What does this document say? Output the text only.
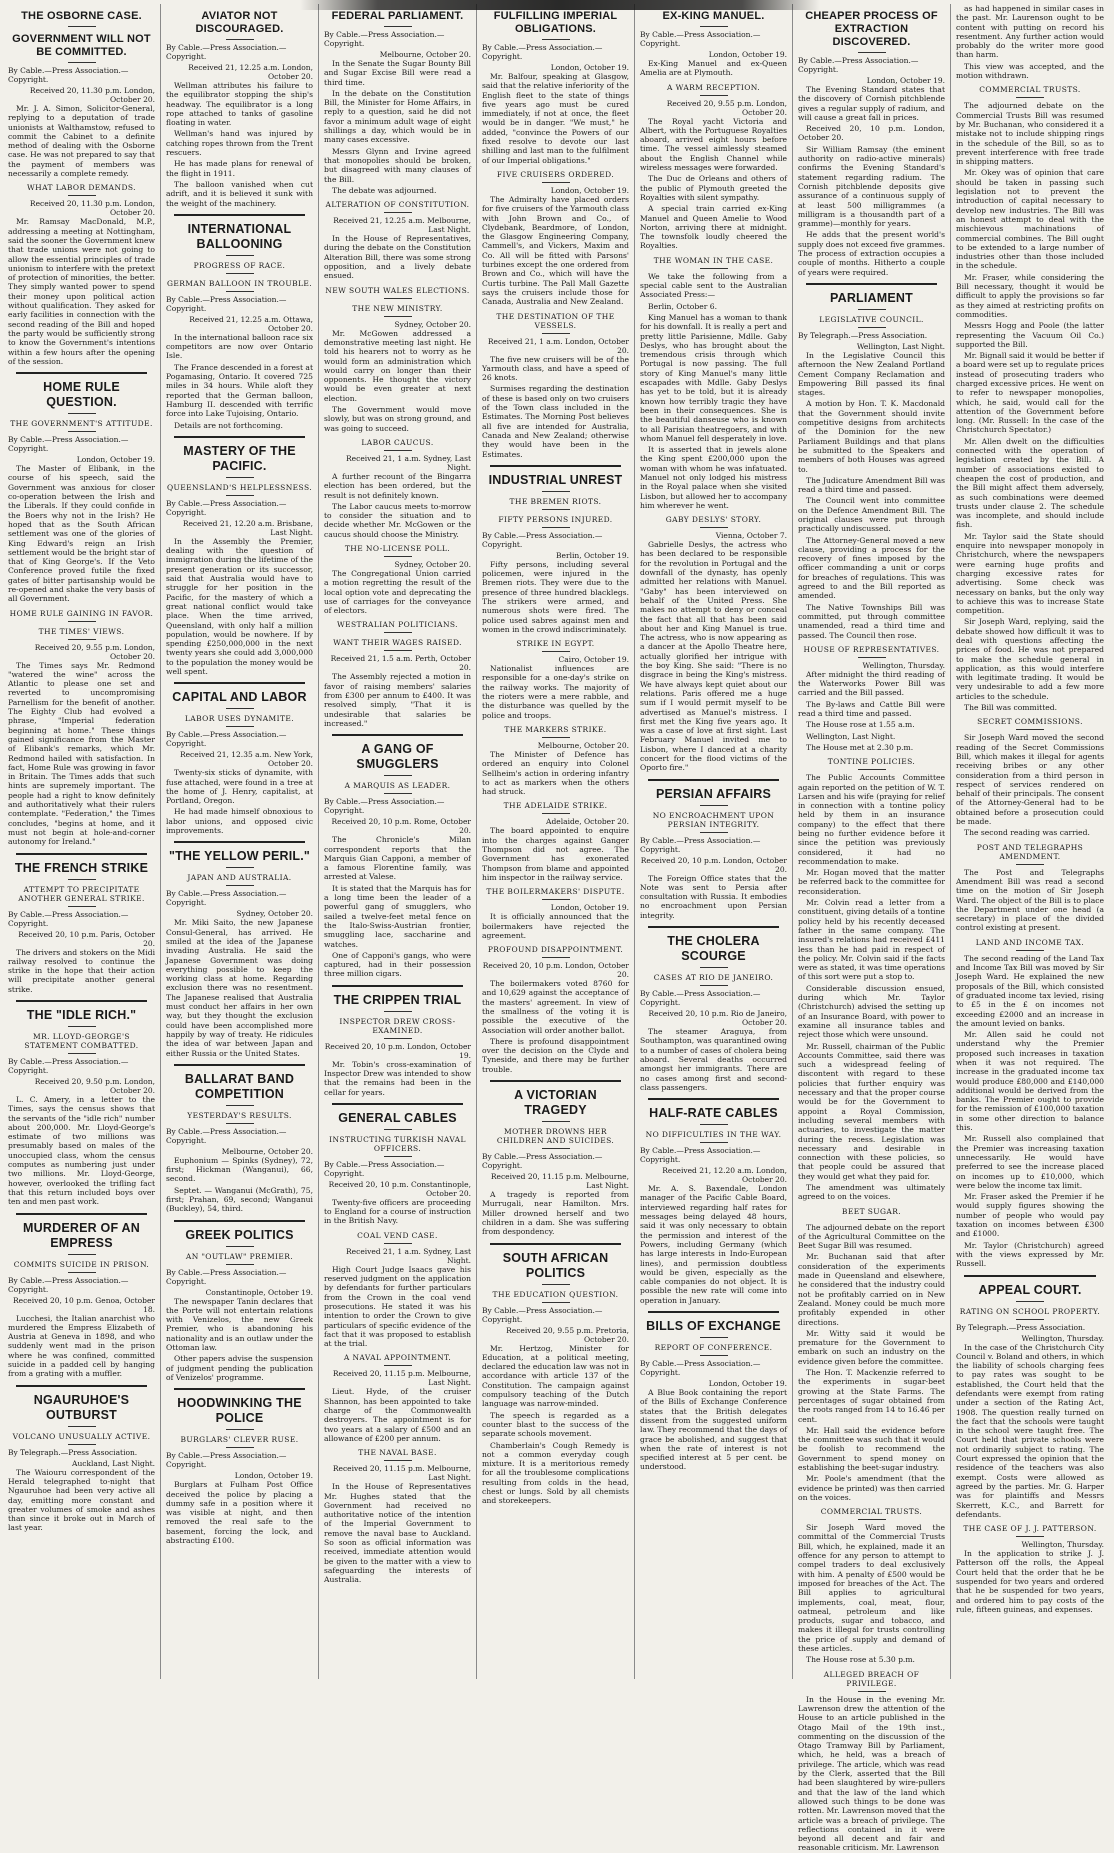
THE OSBORNE CASE.
GOVERNMENT WILL NOT BE COMMITTED.

By Cable.—Press Association.—Copyright.

Received 20, 11.30 p.m. London, October 20.

Mr. J. A. Simon, Solicitor-General, replying to a deputation of trade unionists at Walthamstow, refused to commit the Cabinet to a definite method of dealing with the Osborne case. He was not prepared to say that the payment of members was necessarily a complete remedy.

WHAT LABOR DEMANDS.

Received 20, 11.30 p.m. London, October 20.

Mr. Ramsay MacDonald, M.P., addressing a meeting at Nottingham, said the sooner the Government knew that trade unions were not going to allow the essential principles of trade unionism to interfere with the pretext of protection of minorities, the better. They simply wanted power to spend their money upon political action without qualification. They asked for early facilities in connection with the second reading of the Bill and hoped the party would be sufficiently strong to know the Government's intentions within a few hours after the opening of the session.

HOME RULE QUESTION.
THE GOVERNMENT'S ATTITUDE.

By Cable.—Press Association.—Copyright.

London, October 19.

The Master of Elibank, in the course of his speech, said the Government was anxious for closer co-operation between the Irish and the Liberals. If they could confide in the Boers why not in the Irish? He hoped that as the South African settlement was one of the glories of King Edward's reign an Irish settlement would be the bright star of that of King George's. If the Veto Conference proved futile the fixed gates of bitter partisanship would be re-opened and shake the very basis of all Government.

HOME RULE GAINING IN FAVOR.
THE TIMES' VIEWS.

Received 20, 9.55 p.m. London, October 20.

The Times says Mr. Redmond "watered the wine" across the Atlantic to please one set and reverted to uncompromising Parnellism for the benefit of another. The Eighty Club had evolved a phrase, "Imperial federation beginning at home." These things gained significance from the Master of Elibank's remarks, which Mr. Redmond hailed with satisfaction. In fact, Home Rule was growing in favor in Britain. The Times adds that such hints are supremely important. The people had a right to know definitely and authoritatively what their rulers contemplate. "Federation," the Times concludes, "begins at home, and it must not begin at hole-and-corner autonomy for Ireland."

THE FRENCH STRIKE
ATTEMPT TO PRECIPITATE ANOTHER GENERAL STRIKE.

By Cable.—Press Association.—Copyright.

Received 20, 10 p.m. Paris, October 20.

The drivers and stokers on the Midi railway resolved to continue the strike in the hope that their action will precipitate another general strike.

THE "IDLE RICH."
MR. LLOYD-GEORGE'S STATEMENT COMBATTED.

By Cable.—Press Association.—Copyright.

Received 20, 9.50 p.m. London, October 20.

L. C. Amery, in a letter to the Times, says the census shows that the servants of the "idle rich" number about 200,000. Mr. Lloyd-George's estimate of two millions was presumably based on males of the unoccupied class, whom the census computes as numbering just under two millions. Mr. Lloyd-George, however, overlooked the trifling fact that this return included boys over ten and men past work.

MURDERER OF AN EMPRESS
COMMITS SUICIDE IN PRISON.

By Cable.—Press Association.—Copyright.

Received 20, 10 p.m. Genoa, October 18.

Lucchesi, the Italian anarchist who murdered the Empress Elizabeth of Austria at Geneva in 1898, and who suddenly went mad in the prison where he was confined, committed suicide in a padded cell by hanging from a grating with a muffler.

NGAURUHOE'S OUTBURST
VOLCANO UNUSUALLY ACTIVE.

By Telegraph.—Press Association.

Auckland, Last Night.

The Waiouru correspondent of the Herald telegraphed to-night that Ngauruhoe had been very active all day, emitting more constant and greater volumes of smoke and ashes than since it broke out in March of last year.

AVIATOR NOT DISCOURAGED.

By Cable.—Press Association.—Copyright.

Received 21, 12.25 a.m. London, October 20.

Wellman attributes his failure to the equilibrator stopping the ship's headway. The equilibrator is a long rope attached to tanks of gasoline floating in water.

Wellman's hand was injured by catching ropes thrown from the Trent rescuers.

He has made plans for renewal of the flight in 1911.

The balloon vanished when cut adrift, and it is believed it sunk with the weight of the machinery.

INTERNATIONAL BALLOONING
PROGRESS OF RACE.
GERMAN BALLOON IN TROUBLE.

By Cable.—Press Association.—Copyright.

Received 21, 12.25 a.m. Ottawa, October 20.

In the international balloon race six competitors are now over Ontario Isle.

The France descended in a forest at Pogamasing, Ontario. It covered 725 miles in 34 hours. While aloft they reported that the German balloon, Hamburg II. descended with terrific force into Lake Tujoising, Ontario.

Details are not forthcoming.

MASTERY OF THE PACIFIC.
QUEENSLAND'S HELPLESSNESS.

By Cable.—Press Association.—Copyright.

Received 21, 12.20 a.m. Brisbane, Last Night.

In the Assembly the Premier, dealing with the question of immigration during the lifetime of the present generation or its successor, said that Australia would have to struggle for her position in the Pacific, for the mastery of which a great national conflict would take place. When the time arrived, Queensland, with only half a million population, would be nowhere. If by spending £250,000,000 in the next twenty years she could add 3,000,000 to the population the money would be well spent.

CAPITAL AND LABOR
LABOR USES DYNAMITE.

By Cable.—Press Association.—Copyright.

Received 21, 12.35 a.m. New York, October 20.

Twenty-six sticks of dynamite, with fuse attached, were found in a tree at the home of J. Henry, capitalist, at Portland, Oregon.

He had made himself obnoxious to labor unions, and opposed civic improvements.

"THE YELLOW PERIL."
JAPAN AND AUSTRALIA.

By Cable.—Press Association.—Copyright.

Sydney, October 20.

Mr. Miki Saito, the new Japanese Consul-General, has arrived. He smiled at the idea of the Japanese invading Australia. He said the Japanese Government was doing everything possible to keep the working class at home. Regarding exclusion there was no resentment. The Japanese realised that Australia must conduct her affairs in her own way, but they thought the exclusion could have been accomplished more happily by way of treaty. He ridicules the idea of war between Japan and either Russia or the United States.

BALLARAT BAND COMPETITION
YESTERDAY'S RESULTS.

By Cable.—Press Association.—Copyright.

Melbourne, October 20.

Euphonium — Spinks (Sydney), 72, first; Hickman (Wanganui), 66, second.

Septet. — Wanganui (McGrath), 75, first; Prahan, 69, second; Wanganui (Buckley), 54, third.

GREEK POLITICS
AN "OUTLAW" PREMIER.

By Cable.—Press Association.—Copyright.

Constantinople, October 19.

The newspaper Tanin declares that the Porte will not entertain relations with Venizelos, the new Greek Premier, who is abandoning his nationality and is an outlaw under the Ottoman law.

Other papers advise the suspension of judgment pending the publication of Venizelos' programme.

HOODWINKING THE POLICE
BURGLARS' CLEVER RUSE.

By Cable.—Press Association.—Copyright.

London, October 19.

Burglars at Fulham Post Office deceived the police by placing a dummy safe in a position where it was visible at night, and then removed the real safe to the basement, forcing the lock, and abstracting £100.

FEDERAL PARLIAMENT.

By Cable.—Press Association.—Copyright.

Melbourne, October 20.

In the Senate the Sugar Bounty Bill and Sugar Excise Bill were read a third time.

In the debate on the Constitution Bill, the Minister for Home Affairs, in reply to a question, said he did not favor a minimum adult wage of eight shillings a day, which would be in many cases excessive.

Messrs Glynn and Irvine agreed that monopolies should be broken, but disagreed with many clauses of the Bill.

The debate was adjourned.

ALTERATION OF CONSTITUTION.

Received 21, 12.25 a.m. Melbourne, Last Night.

In the House of Representatives, during the debate on the Constitution Alteration Bill, there was some strong opposition, and a lively debate ensued.

NEW SOUTH WALES ELECTIONS.
THE NEW MINISTRY.

Sydney, October 20.

Mr. McGowen addressed a demonstrative meeting last night. He told his hearers not to worry as he would form an administration which would carry on longer than their opponents. He thought the victory would be even greater at next election.

The Government would move slowly, but was on strong ground, and was going to succeed.

LABOR CAUCUS.

Received 21, 1 a.m. Sydney, Last Night.

A further recount of the Bingarra election has been ordered, but the result is not definitely known.

The Labor caucus meets to-morrow to consider the situation and to decide whether Mr. McGowen or the caucus should choose the Ministry.

THE NO-LICENSE POLL.

Sydney, October 20.

The Congregational Union carried a motion regretting the result of the local option vote and deprecating the use of carriages for the conveyance of electors.

WESTRALIAN POLITICIANS.
WANT THEIR WAGES RAISED.

Received 21, 1.5 a.m. Perth, October 20.

The Assembly rejected a motion in favor of raising members' salaries from £300 per annum to £400. It was resolved simply, "That it is undesirable that salaries be increased."

A GANG OF SMUGGLERS
A MARQUIS AS LEADER.

By Cable.—Press Association.—Copyright.

Received 20, 10 p.m. Rome, October 20.

The Chronicle's Milan correspondent reports that the Marquis Gian Capponi, a member of a famous Florentine family, was arrested at Valese.

It is stated that the Marquis has for a long time been the leader of a powerful gang of smugglers, who sailed a twelve-feet metal fence on the Italo-Swiss-Austrian frontier, smuggling lace, saccharine and watches.

One of Capponi's gangs, who were captured, had in their possession three million cigars.

THE CRIPPEN TRIAL
INSPECTOR DREW CROSS-EXAMINED.

Received 20, 10 p.m. London, October 19.

Mr. Tobin's cross-examination of Inspector Drew was intended to show that the remains had been in the cellar for years.

GENERAL CABLES
INSTRUCTING TURKISH NAVAL OFFICERS.

By Cable.—Press Association.—Copyright.

Received 20, 10 p.m. Constantinople, October 20.

Twenty-five officers are proceeding to England for a course of instruction in the British Navy.

COAL VEND CASE.

Received 21, 1 a.m. Sydney, Last Night.

High Court Judge Isaacs gave his reserved judgment on the application by defendants for further particulars from the Crown in the coal vend prosecutions. He stated it was his intention to order the Crown to give particulars of specific evidence of the fact that it was proposed to establish at the trial.

A NAVAL APPOINTMENT.

Received 20, 11.15 p.m. Melbourne, Last Night.

Lieut. Hyde, of the cruiser Shannon, has been appointed to take charge of the Commonwealth destroyers. The appointment is for two years at a salary of £500 and an allowance of £200 per annum.

THE NAVAL BASE.

Received 20, 11.15 p.m. Melbourne, Last Night.

In the House of Representatives Mr. Hughes stated that the Government had received no authoritative notice of the intention of the Imperial Government to remove the naval base to Auckland. So soon as official information was received, immediate attention would be given to the matter with a view to safeguarding the interests of Australia.

FULFILLING IMPERIAL OBLIGATIONS.

By Cable.—Press Association.—Copyright.

London, October 19.

Mr. Balfour, speaking at Glasgow, said that the relative inferiority of the English fleet to the state of things five years ago must be cured immediately, if not at once, the fleet would be in danger. "We must," he added, "convince the Powers of our fixed resolve to devote our last shilling and last man to the fulfilment of our Imperial obligations."

FIVE CRUISERS ORDERED.

London, October 19.

The Admiralty have placed orders for five cruisers of the Yarmouth class with John Brown and Co., of Clydebank, Beardmore, of London, the Glasgow Engineering Company, Cammell's, and Vickers, Maxim and Co. All will be fitted with Parsons' turbines except the one ordered from Brown and Co., which will have the Curtis turbine. The Pall Mall Gazette says the cruisers include those for Canada, Australia and New Zealand.

THE DESTINATION OF THE VESSELS.

Received 21, 1 a.m. London, October 20.

The five new cruisers will be of the Yarmouth class, and have a speed of 26 knots.

Surmises regarding the destination of these is based only on two cruisers of the Town class included in the Estimates. The Morning Post believes all five are intended for Australia, Canada and New Zealand; otherwise they would have been in the Estimates.

INDUSTRIAL UNREST
THE BREMEN RIOTS.
FIFTY PERSONS INJURED.

By Cable.—Press Association.—Copyright.

Berlin, October 19.

Fifty persons, including several policemen, were injured in the Bremen riots. They were due to the presence of three hundred blacklegs. The strikers were armed, and numerous shots were fired. The police used sabres against men and women in the crowd indiscriminately.

STRIKE IN EGYPT.

Cairo, October 19.

Nationalist influences are responsible for a one-day's strike on the railway works. The majority of the rioters were a mere rabble, and the disturbance was quelled by the police and troops.

THE MARKERS STRIKE.

Melbourne, October 20.

The Minister of Defence has ordered an enquiry into Colonel Sellheim's action in ordering infantry to act as markers when the others had struck.

THE ADELAIDE STRIKE.

Adelaide, October 20.

The board appointed to enquire into the charges against Ganger Thompson did not agree. The Government has exonerated Thompson from blame and appointed him inspector in the railway service.

THE BOILERMAKERS' DISPUTE.

London, October 19.

It is officially announced that the boilermakers have rejected the agreement.

PROFOUND DISAPPOINTMENT.

Received 20, 10 p.m. London, October 20.

The boilermakers voted 8760 for and 10,629 against the acceptance of the masters' agreement. In view of the smallness of the voting it is possible the executive of the Association will order another ballot.

There is profound disappointment over the decision on the Clyde and Tyneside, and there may be further trouble.

A VICTORIAN TRAGEDY
MOTHER DROWNS HER CHILDREN AND SUICIDES.

By Cable.—Press Association.—Copyright.

Received 20, 11.15 p.m. Melbourne, Last Night.

A tragedy is reported from Murrugali, near Hamilton. Mrs. Miller drowned herself and two children in a dam. She was suffering from despondency.

SOUTH AFRICAN POLITICS
THE EDUCATION QUESTION.

By Cable.—Press Association.—Copyright.

Received 20, 9.55 p.m. Pretoria, October 20.

Mr. Hertzog, Minister for Education, at a political meeting, declared the education law was not in accordance with article 137 of the Constitution. The campaign against compulsory teaching of the Dutch language was narrow-minded.

The speech is regarded as a counter blast to the success of the separate schools movement.

Chamberlain's Cough Remedy is not a common everyday cough mixture. It is a meritorious remedy for all the troublesome complications resulting from colds in the head, chest or lungs. Sold by all chemists and storekeepers.

EX-KING MANUEL.

By Cable.—Press Association.—Copyright.

London, October 19.

Ex-King Manuel and ex-Queen Amelia are at Plymouth.

A WARM RECEPTION.

Received 20, 9.55 p.m. London, October 20.

The Royal yacht Victoria and Albert, with the Portuguese Royalties aboard, arrived eight hours before time. The vessel aimlessly steamed about the English Channel while wireless messages were forwarded.

The Duc de Orleans and others of the public of Plymouth greeted the Royalties with silent sympathy.

A special train carried ex-King Manuel and Queen Amelie to Wood Norton, arriving there at midnight. The townsfolk loudly cheered the Royalties.

THE WOMAN IN THE CASE.

We take the following from a special cable sent to the Australian Associated Press:—

Berlin, October 6.

King Manuel has a woman to thank for his downfall. It is really a pert and pretty little Parisienne, Mdlle. Gaby Deslys, who has brought about the tremendous crisis through which Portugal is now passing. The full story of King Manuel's many little escapades with Mdlle. Gaby Deslys has yet to be told, but it is already known how terribly tragic they have been in their consequences. She is the beautiful danseuse who is known to all Parisian theatregoers, and with whom Manuel fell desperately in love.

It is asserted that in jewels alone the King spent £200,000 upon the woman with whom he was infatuated. Manuel not only lodged his mistress in the Royal palace when she visited Lisbon, but allowed her to accompany him wherever he went.

GABY DESLYS' STORY.

Vienna, October 7.

Gabrielle Deslys, the actress who has been declared to be responsible for the revolution in Portugal and the downfall of the dynasty, has openly admitted her relations with Manuel. "Gaby" has been interviewed on behalf of the United Press. She makes no attempt to deny or conceal the fact that all that has been said about her and King Manuel is true. The actress, who is now appearing as a dancer at the Apollo Theatre here, actually glorified her intrigue with the boy King. She said: "There is no disgrace in being the King's mistress. We have always kept quiet about our relations. Paris offered me a huge sum if I would permit myself to be advertised as Manuel's mistress. I first met the King five years ago. It was a case of love at first sight. Last February Manuel invited me to Lisbon, where I danced at a charity concert for the flood victims of the Oporto fire."

PERSIAN AFFAIRS
NO ENCROACHMENT UPON PERSIAN INTEGRITY.

By Cable.—Press Association.—Copyright.

Received 20, 10 p.m. London, October 20.

The Foreign Office states that the Note was sent to Persia after consultation with Russia. It embodies no encroachment upon Persian integrity.

THE CHOLERA SCOURGE
CASES AT RIO DE JANEIRO.

By Cable.—Press Association.—Copyright.

Received 20, 10 p.m. Rio de Janeiro, October 20.

The steamer Araguya, from Southampton, was quarantined owing to a number of cases of cholera being aboard. Several deaths occurred amongst her immigrants. There are no cases among first and second-class passengers.

HALF-RATE CABLES
NO DIFFICULTIES IN THE WAY.

By Cable.—Press Association.—Copyright.

Received 21, 12.20 a.m. London, October 20.

Mr. A. S. Baxendale, London manager of the Pacific Cable Board, interviewed regarding half rates for messages being delayed 48 hours, said it was only necessary to obtain the permission and interest of the Powers, including Germany (which has large interests in Indo-European lines), and permission doubtless would be given, especially as the cable companies do not object. It is possible the new rate will come into operation in January.

BILLS OF EXCHANGE
REPORT OF CONFERENCE.

By Cable.—Press Association.—Copyright.

London, October 19.

A Blue Book containing the report of the Bills of Exchange Conference states that the British delegates dissent from the suggested uniform law. They recommend that the days of grace be abolished, and suggest that when the rate of interest is not specified interest at 5 per cent. be understood.

CHEAPER PROCESS OF EXTRACTION DISCOVERED.

By Cable.—Press Association.—Copyright.

London, October 19.

The Evening Standard states that the discovery of Cornish pitchblende gives a regular supply of radium, and will cause a great fall in prices.

Received 20, 10 p.m. London, October 20.

Sir William Ramsay (the eminent authority on radio-active minerals) confirms the Evening Standard's statement regarding radium. The Cornish pitchblende deposits give assurance of a continuous supply of at least 500 milligrammes (a milligram is a thousandth part of a gramme)—monthly for years.

He adds that the present world's supply does not exceed five grammes. The process of extraction occupies a couple of months. Hitherto a couple of years were required.

PARLIAMENT
LEGISLATIVE COUNCIL.

By Telegraph.—Press Association.

Wellington, Last Night.

In the Legislative Council this afternoon the New Zealand Portland Cement Company Reclamation and Empowering Bill passed its final stages.

A motion by Hon. T. K. Macdonald that the Government should invite competitive designs from architects of the Dominion for the new Parliament Buildings and that plans be submitted to the Speakers and members of both Houses was agreed to.

The Judicature Amendment Bill was read a third time and passed.

The Council went into committee on the Defence Amendment Bill. The original clauses were put through practically undiscussed.

The Attorney-General moved a new clause, providing a process for the recovery of fines imposed by the officer commanding a unit or corps for breaches of regulations. This was agreed to and the Bill reported as amended.

The Native Townships Bill was committed, put through committee unamended, read a third time and passed. The Council then rose.

HOUSE OF REPRESENTATIVES.

Wellington, Thursday.

After midnight the third reading of the Waterworks Power Bill was carried and the Bill passed.

The By-laws and Cattle Bill were read a third time and passed.

The House rose at 1.55 a.m.

Wellington, Last Night.

The House met at 2.30 p.m.

TONTINE POLICIES.

The Public Accounts Committee again reported on the petition of W. T. Larsen and his wife (praying for relief in connection with a tontine policy held by them in an insurance company) to the effect that there being no further evidence before it since the petition was previously considered, it had no recommendation to make.

Mr. Hogan moved that the matter be referred back to the committee for reconsideration.

Mr. Colvin read a letter from a constituent, giving details of a tontine policy held by his recently deceased father in the same company. The insured's relations had received £411 less than he had paid in respect of the policy. Mr. Colvin said if the facts were as stated, it was time operations of this sort were put a stop to.

Considerable discussion ensued, during which Mr. Taylor (Christchurch) advised the setting up of an Insurance Board, with power to examine all insurance tables and reject those which were unsound.

Mr. Russell, chairman of the Public Accounts Committee, said there was such a widespread feeling of discontent with regard to these policies that further enquiry was necessary and that the proper course would be for the Government to appoint a Royal Commission, including several members with actuaries, to investigate the matter during the recess. Legislation was necessary and desirable in connection with these policies, so that people could be assured that they would get what they paid for.

The amendment was ultimately agreed to on the voices.

BEET SUGAR.

The adjourned debate on the report of the Agricultural Committee on the Beet Sugar Bill was resumed.

Mr. Buchanan said that after consideration of the experiments made in Queensland and elsewhere, he considered that the industry could not be profitably carried on in New Zealand. Money could be much more profitably expended in other directions.

Mr. Witty said it would be premature for the Government to embark on such an industry on the evidence given before the committee.

The Hon. T. Mackenzie referred to the experiments in sugar-beet growing at the State Farms. The percentages of sugar obtained from the roots ranged from 14 to 16.46 per cent.

Mr. Hall said the evidence before the committee was such that it would be foolish to recommend the Government to spend money on establishing the beet-sugar industry.

Mr. Poole's amendment (that the evidence be printed) was then carried on the voices.

COMMERCIAL TRUSTS.

Sir Joseph Ward moved the committal of the Commercial Trusts Bill, which, he explained, made it an offence for any person to attempt to compel traders to deal exclusively with him. A penalty of £500 would be imposed for breaches of the Act. The Bill applies to agricultural implements, coal, meat, flour, oatmeal, petroleum and like products, sugar and tobacco, and makes it illegal for trusts controlling the price of supply and demand of these articles.

The House rose at 5.30 p.m.

ALLEGED BREACH OF PRIVILEGE.

In the House in the evening Mr. Lawrenson drew the attention of the House to an article published in the Otago Mail of the 19th inst., commenting on the discussion of the Otago Tramway Bill by Parliament, which, he held, was a breach of privilege. The article, which was read by the Clerk, asserted that the Bill had been slaughtered by wire-pullers and that the law of the land which allowed such things to be done was rotten. Mr. Lawrenson moved that the article was a breach of privilege. The reflections contained in it were beyond all decent and fair and reasonable criticism. Mr. Lawrenson

as had happened in similar cases in the past. Mr. Laurenson ought to be content with putting on record his resentment. Any further action would probably do the writer more good than harm.

This view was accepted, and the motion withdrawn.

COMMERCIAL TRUSTS.

The adjourned debate on the Commercial Trusts Bill was resumed by Mr. Buchanan, who considered it a mistake not to include shipping rings in the schedule of the Bill, so as to prevent interference with free trade in shipping matters.

Mr. Okey was of opinion that care should be taken in passing such legislation not to prevent the introduction of capital necessary to develop new industries. The Bill was an honest attempt to deal with the mischievous machinations of commercial combines. The Bill ought to be extended to a large number of industries other than those included in the schedule.

Mr. Fraser, while considering the Bill necessary, thought it would be difficult to apply the provisions so far as they aimed at restricting profits on commodities.

Messrs Hogg and Poole (the latter representing the Vacuum Oil Co.) supported the Bill.

Mr. Bignall said it would be better if a board were set up to regulate prices instead of prosecuting traders who charged excessive prices. He went on to refer to newspaper monopolies, which, he said, would call for the attention of the Government before long. (Mr. Russell: In the case of the Christchurch Spectator.)

Mr. Allen dwelt on the difficulties connected with the operation of legislation created by the Bill. A number of associations existed to cheapen the cost of production, and the Bill might affect them adversely, as such combinations were deemed trusts under clause 2. The schedule was incomplete, and should include fish.

Mr. Taylor said the State should enquire into newspaper monopoly in Christchurch, where the newspapers were earning huge profits and charging excessive rates for advertising. Some check was necessary on banks, but the only way to achieve this was to increase State competition.

Sir Joseph Ward, replying, said the debate showed how difficult it was to deal with questions affecting the prices of food. He was not prepared to make the schedule general in application, as this would interfere with legitimate trading. It would be very undesirable to add a few more articles to the schedule.

The Bill was committed.

SECRET COMMISSIONS.

Sir Joseph Ward moved the second reading of the Secret Commissions Bill, which makes it illegal for agents receiving bribes or any other consideration from a third person in respect of services rendered on behalf of their principals. The consent of the Attorney-General had to be obtained before a prosecution could be made.

The second reading was carried.

POST AND TELEGRAPHS AMENDMENT.

The Post and Telegraphs Amendment Bill was read a second time on the motion of Sir Joseph Ward. The object of the Bill is to place the Department under one head (a secretary) in place of the divided control existing at present.

LAND AND INCOME TAX.

The second reading of the Land Tax and Income Tax Bill was moved by Sir Joseph Ward. He explained the new proposals of the Bill, which consisted of graduated income tax levied, rising to £5 in the £ on incomes not exceeding £2000 and an increase in the amount levied on banks.

Mr. Allen said he could not understand why the Premier proposed such increases in taxation when it was not required. The increase in the graduated income tax would produce £80,000 and £140,000 additional would be derived from the banks. The Premier ought to provide for the remission of £100,000 taxation in some other direction to balance this.

Mr. Russell also complained that the Premier was increasing taxation unnecessarily. He would have preferred to see the increase placed on incomes up to £10,000, which were below the income tax limit.

Mr. Fraser asked the Premier if he would supply figures showing the number of people who would pay taxation on incomes between £300 and £1000.

Mr. Taylor (Christchurch) agreed with the views expressed by Mr. Russell.

APPEAL COURT.
RATING ON SCHOOL PROPERTY.

By Telegraph.—Press Association.

Wellington, Thursday.

In the case of the Christchurch City Council v. Boland and others, in which the liability of schools charging fees to pay rates was sought to be established, the Court held that the defendants were exempt from rating under a section of the Rating Act, 1908. The question really turned on the fact that the schools were taught in the school were taught free. The Court held that private schools were not ordinarily subject to rating. The Court expressed the opinion that the residence of the teachers was also exempt. Costs were allowed as agreed by the parties. Mr. G. Harper was for plaintiffs and Messrs Skerrett, K.C., and Barrett for defendants.

THE CASE OF J. J. PATTERSON.

Wellington, Thursday.

In the application to strike J. J. Patterson off the rolls, the Appeal Court held that the order that he be suspended for two years and ordered that he be suspended for two years, and ordered him to pay costs of the rule, fifteen guineas, and expenses.
